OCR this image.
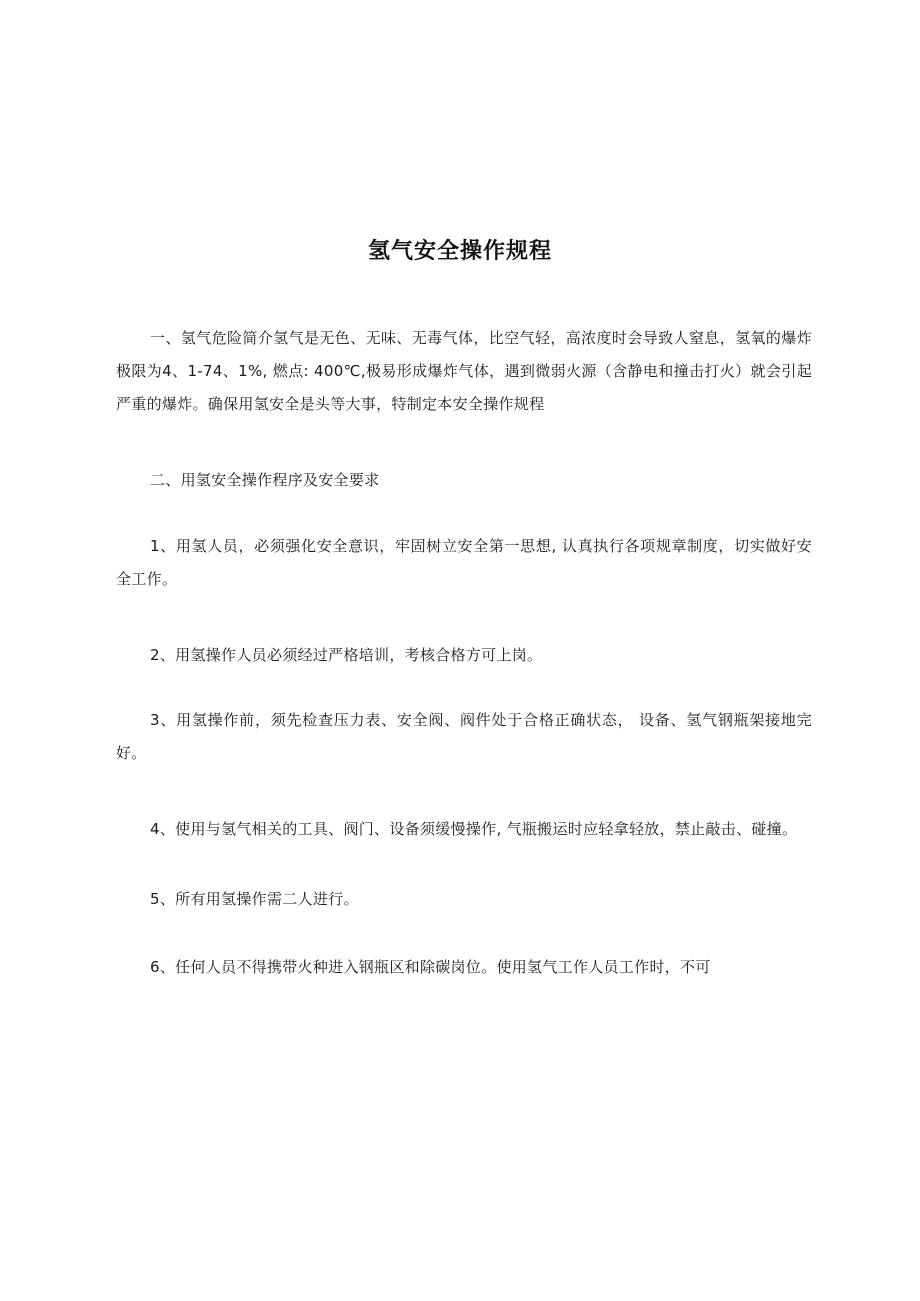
氢气安全操作规程

一、氢气危险简介氢气是无色、无味、无毒气体，比空气轻，高浓度时会导致人窒息，氢氧的爆炸极限为4、1-74、1%, 燃点: 400℃,极易形成爆炸气体，遇到微弱火源（含静电和撞击打火）就会引起严重的爆炸。确保用氢安全是头等大事，特制定本安全操作规程

二、用氢安全操作程序及安全要求

1、用氢人员，必须强化安全意识，牢固树立安全第一思想, 认真执行各项规章制度，切实做好安全工作。

2、用氢操作人员必须经过严格培训，考核合格方可上岗。

3、用氢操作前，须先检查压力表、安全阀、阀件处于合格正确状态， 设备、氢气钢瓶架接地完好。

4、使用与氢气相关的工具、阀门、设备须缓慢操作, 气瓶搬运时应轻拿轻放，禁止敲击、碰撞。

5、所有用氢操作需二人进行。

6、任何人员不得携带火种进入钢瓶区和除碳岗位。使用氢气工作人员工作时，不可
